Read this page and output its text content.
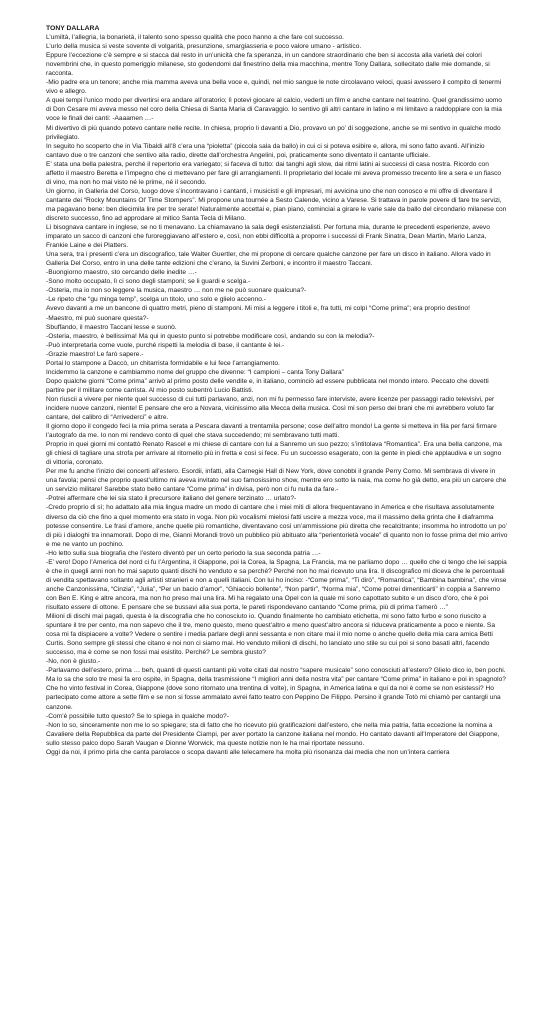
TONY DALLARA

L’umiltà, l’allegria, la bonarietà, il talento sono spesso qualità che poco hanno a che fare col successo.

L’urlo della musica si veste sovente di volgarità, presunzione, smargiasseria e poco valore umano - artistico.

Eppure l’eccezione c’è sempre e si stacca dal resto in un’unicità che fa speranza, in un candore straordinario che ben si accosta alla varietà dei colori novembrini che, in questo pomeriggio milanese, sto godendomi dal finestrino della mia macchina, mentre Tony Dallara, sollecitato dalle mie domande, si racconta.

-Mio padre era un tenore; anche mia mamma aveva una bella voce e, quindi, nel mio sangue le note circolavano veloci, quasi avessero il compito di tenermi vivo e allegro.

A quei tempi l’unico modo per divertirsi era andare all’oratorio; lì potevi giocare al calcio, vederti un film e anche cantare nel teatrino. Quel grandissimo uomo di Don Cesare mi aveva messo nel coro della Chiesa di Santa Maria di Caravaggio. Io sentivo gli altri cantare in latino e mi limitavo a raddoppiare con la mia voce le finali dei canti: -Aaaamen …-

Mi divertivo di più quando potevo cantare nelle recite. In chiesa, proprio li davanti a Dio, provavo un po’ di soggezione, anche se mi sentivo in qualche modo privilegiato.

In seguito ho scoperto che in Via Tibaldi all’8 c’era una “pioletta” (piccola sala da ballo) in cui ci si poteva esibire e, allora, mi sono fatto avanti. All’inizio cantavo due o tre canzoni che sentivo alla radio, dirette dall’orchestra Angelini, poi, praticamente sono diventato il cantante ufficiale.

E’ stata una bella palestra, perché il repertorio era variegato; si faceva di tutto: dai tanghi agli slow, dai ritmi latini ai successi di casa nostra. Ricordo con affetto il maestro Beretta e l’impegno che ci mettevano per fare gli arrangiamenti. Il proprietario del locale mi aveva promesso trecento lire a sera e un fiasco di vino, ma non ho mai visto né le prime, né il secondo.

Un giorno, in Galleria del Corso, luogo dove s’incontravano i cantanti, i musicisti e gli impresari, mi avvicina uno che non conosco e mi offre di diventare il cantante dei “Rocky Mountains Ol’ Time Stompers”. Mi propone una tournée a Sesto Calende, vicino a Varese. Si trattava in parole povere di fare tre servizi, ma pagavano bene: ben diecimila lire per tre serate! Naturalmente accettai e, pian piano, cominciai a girare le varie sale da ballo del circondario milanese con discreto successo, fino ad approdare al mitico Santa Tecla di Milano.

Lì bisognava cantare in inglese, se no ti menavano. La chiamavano la sala degli esistenzialisti. Per fortuna mia, durante le precedenti esperienze, avevo imparato un sacco di canzoni che furoreggiavano all’estero e, così, non ebbi difficoltà a proporre i successi di Frank Sinatra, Dean Martin, Mario Lanza, Frankie Laine e dei Platters.

Una sera, tra i presenti c’era un discografico, tale Walter Guertler, che mi propone di cercare qualche canzone per fare un disco in italiano. Allora vado in Galleria Del Corso, entro in una delle tante edizioni che c’erano, la Suvini Zerboni, e incontro il maestro Taccani.

-Buongiorno maestro, sto cercando delle inedite …-

-Sono molto occupato, lì ci sono degli stamponi; se li guardi e scelga.-

-Osteria, ma io non so leggere la musica, maestro … non me ne può suonare qualcuna?-

-Le ripeto che “gu minga temp”, scelga un titolo, uno solo e glielo accenno.-

Avevo davanti a me un bancone di quattro metri, pieno di stamponi. Mi misi a leggere i titoli e, fra tutti, mi colpì “Come prima”; era proprio destino!

-Maestro, mi può suonare questa?-

Sbuffando, il maestro Taccani lesse e suonò.

-Osteria, maestro, è bellissima! Ma qui in questo punto si potrebbe modificare così, andando su con la melodia?-

-Può interpretarla come vuole, purché rispetti la melodia di base, il cantante è lei.-

-Grazie maestro! Le farò sapere.-

Portai lo stampone a Daccò, un chitarrista formidabile e lui fece l’arrangiamento.

Incidemmo la canzone e cambiammo nome del gruppo che divenne: “I campioni – canta Tony Dallara”

Dopo qualche giorni “Come prima” arrivò al primo posto delle vendite e, in italiano, cominciò ad essere pubblicata nel mondo intero. Peccato che dovetti partire per il militare come carrista. Al mio posto subentrò Lucio Battisti.

Non riuscii a vivere per niente quel successo di cui tutti parlavano, anzi, non mi fu permesso fare interviste, avere licenze per passaggi radio televisivi, per incidere nuove canzoni, niente! E pensare che ero a Novara, vicinissimo alla Mecca della musica. Così mi son perso dei brani che mi avrebbero voluto far cantare, del calibro di “Arrivederci” e altre.

Il giorno dopo il congedo feci la mia prima serata a Pescara davanti a trentamila persone; cose dell’altro mondo! La gente si metteva in fila per farsi firmare l’autografo da me. Io non mi rendevo conto di quel che stava succedendo; mi sembravano tutti matti.

Proprio in quei giorni mi contattò Renato Rascel e mi chiese di cantare con lui a Sanremo un suo pezzo; s’intitolava “Romantica”. Era una bella canzone, ma gli chiesi di tagliare una strofa per arrivare al ritornello più in fretta e così si fece. Fu un successo esagerato, con la gente in piedi che applaudiva e un sogno di vittoria, coronato.

Per me fu anche l’inizio dei concerti all’estero. Esordii, infatti, alla Carnegie Hall di New York, dove conobbi il grande Perry Como. Mi sembrava di vivere in una favola; pensi che proprio quest’ultimo mi aveva invitato nel suo famosissimo show, mentre ero sotto la naia, ma come ho già detto, era più un carcere che un servizio militare! Sarebbe stato bello cantare “Come prima” in divisa, però non ci fu nulla da fare.-

-Potrei affermare che lei sia stato il precursore italiano del genere terzinato … urlato?-

-Credo proprio di sì; ho adattato alla mia lingua madre un modo di cantare che i miei miti di allora frequentavano in America e che risultava assolutamente diverso da ciò che fino a quel momento era stato in voga. Non più vocalismi mielosi fatti uscire a mezza voce, ma il massimo della grinta che il diaframma potesse consentire. Le frasi d’amore, anche quelle più romantiche, diventavano così un’ammissione più diretta che recalcitrante; insomma ho introdotto un po’ di più i dialoghi tra innamorati. Dopo di me, Gianni Morandi trovò un pubblico più abituato alla “perientorietà vocale” di quanto non lo fosse prima del mio arrivo e me ne vanto un pochino.

-Ho letto sulla sua biografia che l’estero diventò per un certo periodo la sua seconda patria …-

-E’ vero! Dopo l’America del nord ci fu l’Argentina, il Giappone, poi la Corea, la Spagna, La Francia, ma ne parliamo dopo … quello che ci tengo che lei sappia è che in quegli anni non ho mai saputo quanti dischi ho venduto e sa perché? Perché non ho mai ricevuto una lira. Il discografico mi diceva che le percentuali di vendita spettavano soltanto agli artisti stranieri e non a quelli italiani. Con lui ho inciso: -“Come prima”, “Ti dirò”, “Romantica”, “Bambina bambina”, che vinse anche Canzonissima, “Cinzia”, “Julia”, “Per un bacio d’amor”, “Ghiaccio bollente”, “Non partir”, “Norma mia”, “Come potrei dimenticarti” in coppia a Sanremo con Ben E. King e altre ancora, ma non ho preso mai una lira. Mi ha regalato una Opel con la quale mi sono capottato subito e un disco d’oro, che è poi risultato essere di ottone. E pensare che se bussavi alla sua porta, le pareti rispondevano cantando “Come prima, più di prima t’amerò …”

Milioni di dischi mai pagati, questa è la discografia che ho conosciuto io. Quando finalmente ho cambiato etichetta, mi sono fatto furbo e sono riuscito a spuntare il tre per cento, ma non sapevo che il tre, meno questo, meno quest’altro e meno quest’altro ancora si riduceva praticamente a poco e niente. Sa cosa mi fa dispiacere a volte? Vedere o sentire i media parlare degli anni sessanta e non citare mai il mio nome o anche quello della mia cara amica Betti Curtis. Sono sempre gli stessi che citano e noi non ci siamo mai. Ho venduto milioni di dischi, ho lanciato uno stile su cui poi si sono basati altri, facendo successo, ma è come se non fossi mai esistito. Perché? Le sembra giusto?

-No, non è giusto.-

-Parlavamo dell’estero, prima … beh, quanti di questi cantanti più volte citati dal nostro “sapere musicale” sono conosciuti all’estero? Glielo dico io, ben pochi. Ma lo sa che solo tre mesi fa ero ospite, in Spagna, della trasmissione “I migliori anni della nostra vita” per cantare “Come prima” in italiano e poi in spagnolo? Che ho vinto festival in Corea, Giappone (dove sono ritornato una trentina di volte), in Spagna, in America latina e qui da noi è come se non esistessi? Ho partecipato come attore a sette film e se non si fosse ammalato avrei fatto teatro con Peppino De Filippo. Persino il grande Totò mi chiamò per cantargli una canzone.

-Com’è possibile tutto questo? Se lo spiega in qualche modo?-

-Non lo so, sinceramente non me lo so spiegare; sta di fatto che ho ricevuto più gratificazioni dall’estero, che nella mia patria, fatta eccezione la nomina a Cavaliere della Repubblica da parte del Presidente Ciampi, per aver portato la canzone italiana nel mondo. Ho cantato davanti all’Imperatore del Giappone, sullo stesso palco dopo Sarah Vaugan e Dionne Worwick, ma queste notizie non le ha mai riportate nessuno.

Oggi da noi, il primo pirla che canta parolacce o scopa davanti alle telecamere ha molta più risonanza dai media che non un’intera carriera
